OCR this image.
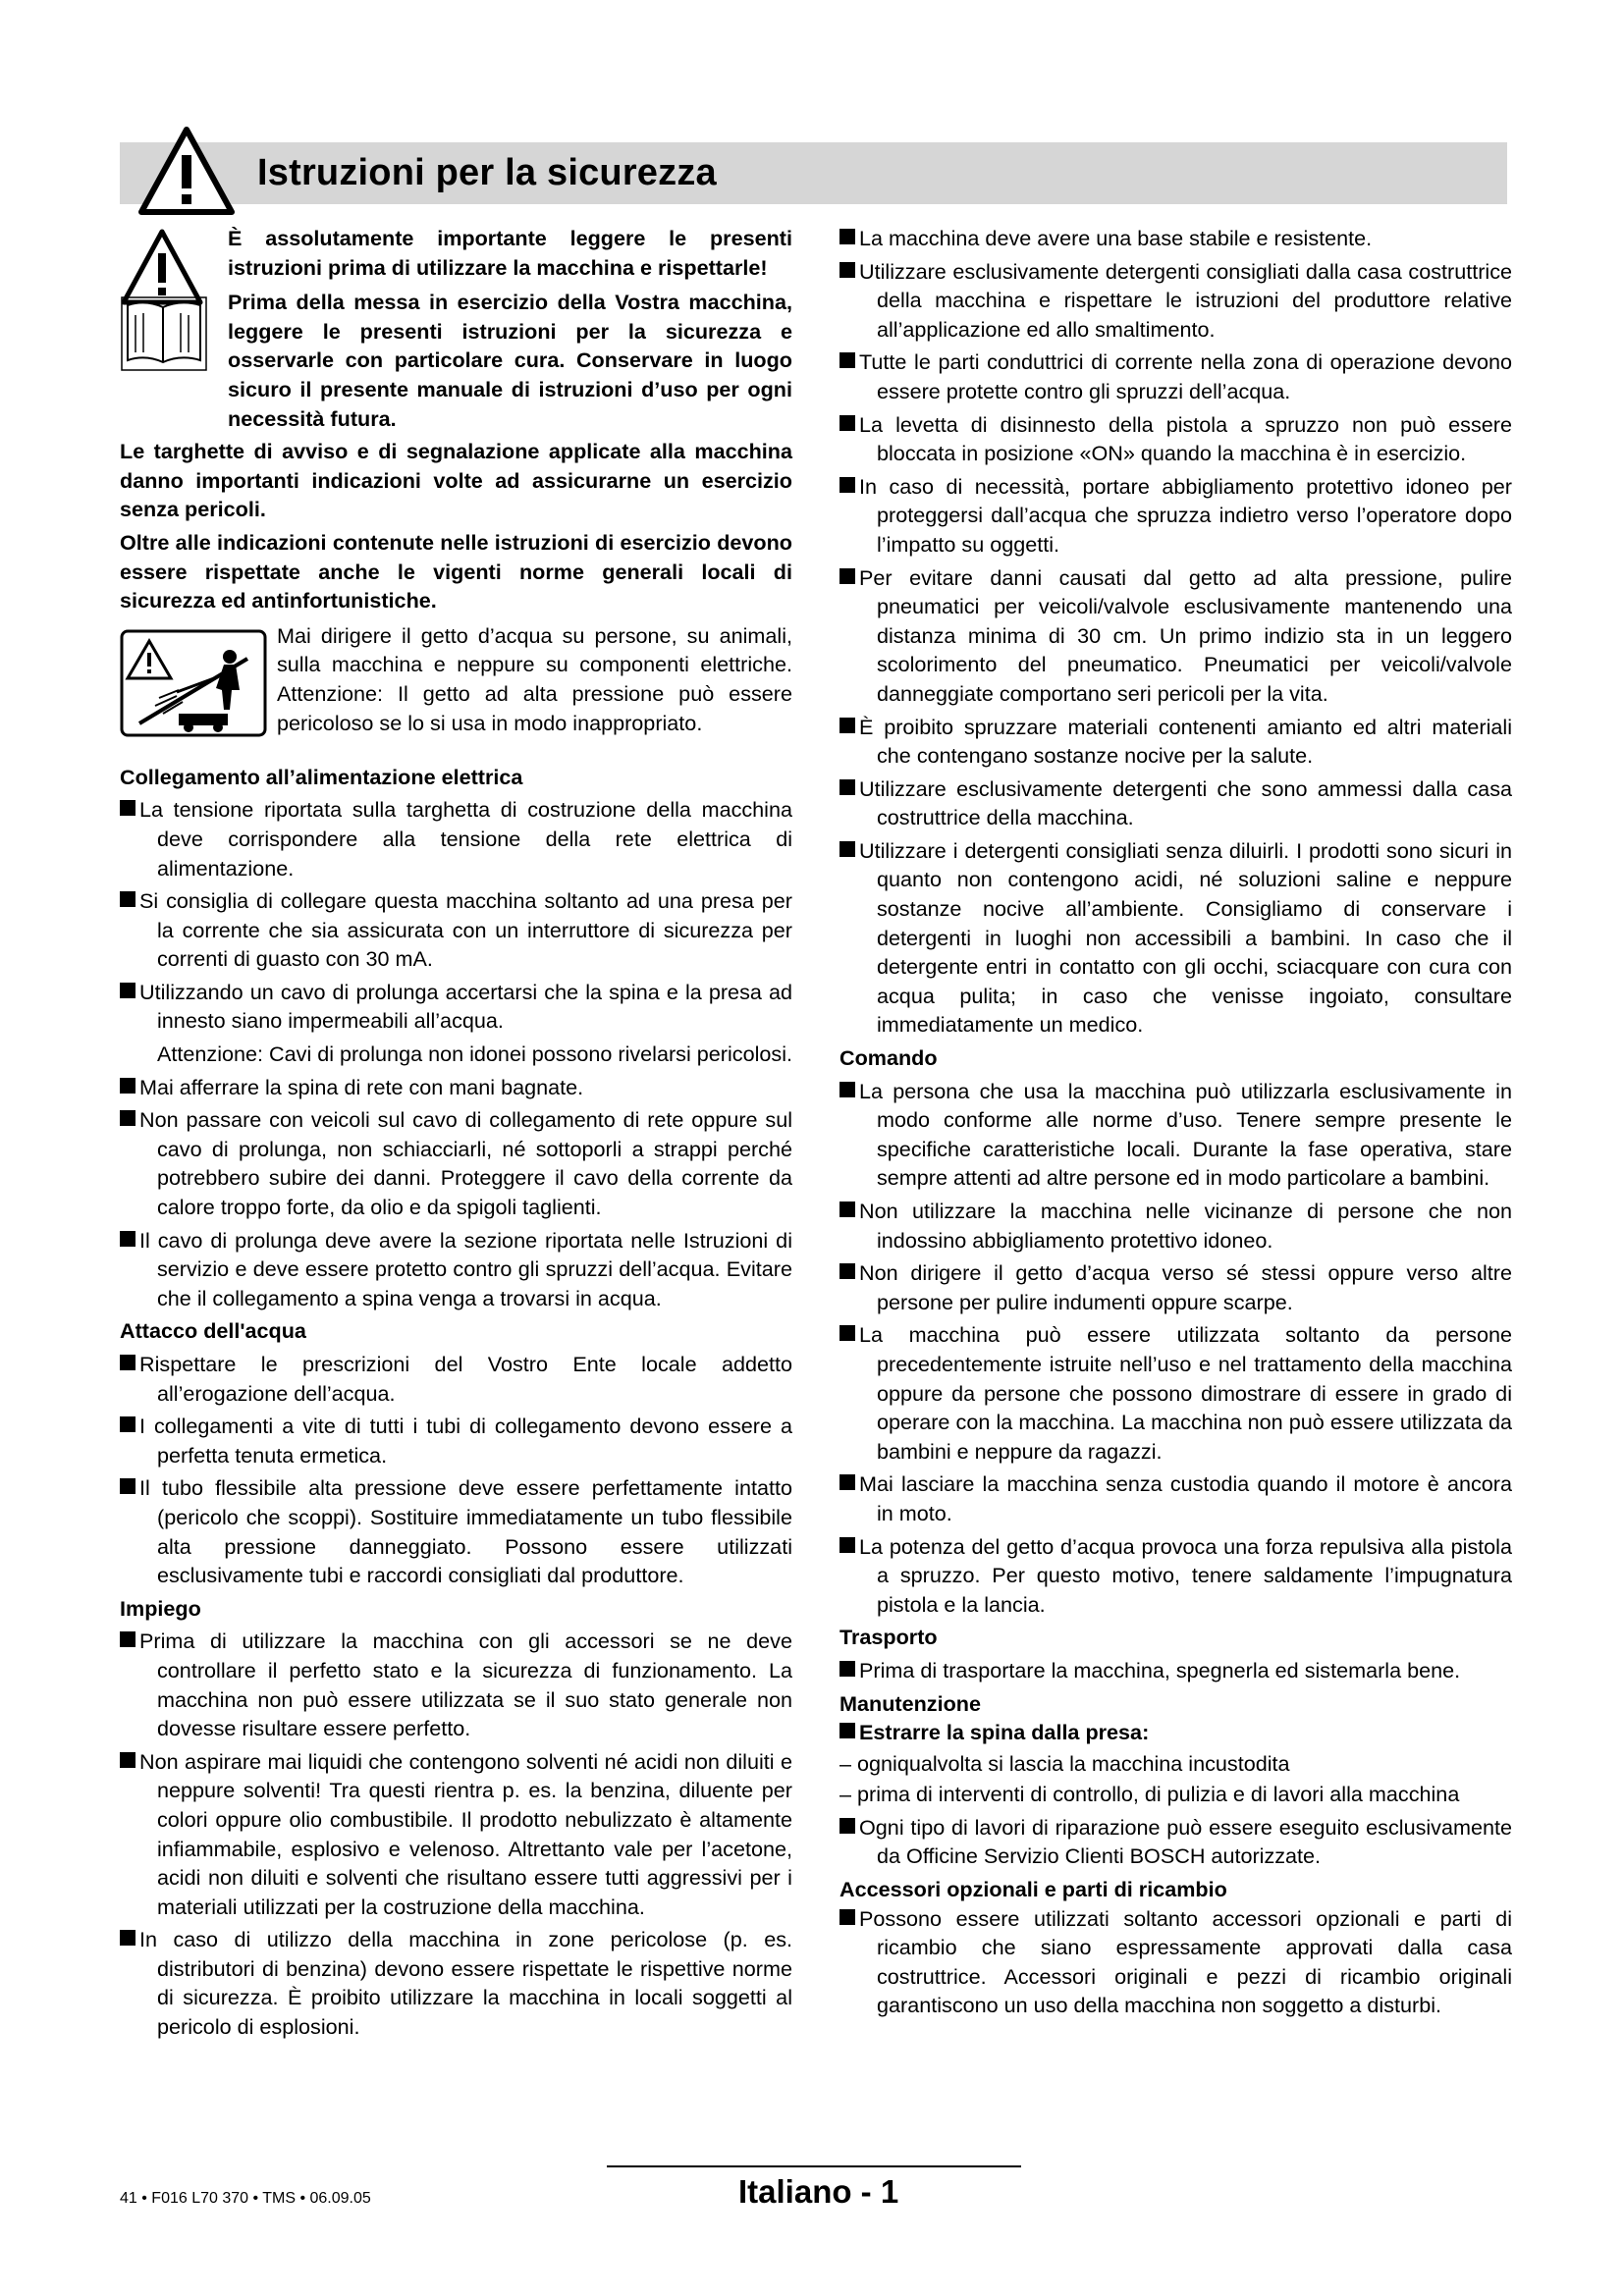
Istruzioni per la sicurezza

È assolutamente importante leggere le presenti istruzioni prima di utilizzare la macchina e rispettarle!

Prima della messa in esercizio della Vostra macchina, leggere le presenti istruzioni per la sicurezza e osservarle con particolare cura. Conservare in luogo sicuro il presente manuale di istruzioni d’uso per ogni necessità futura.

Le targhette di avviso e di segnalazione applicate alla macchina danno importanti indicazioni volte ad assicurarne un esercizio senza pericoli.

Oltre alle indicazioni contenute nelle istruzioni di esercizio devono essere rispettate anche le vigenti norme generali locali di sicurezza ed antinfortunistiche.

Mai dirigere il getto d’acqua su persone, su animali, sulla macchina e neppure su componenti elettriche. Attenzione: Il getto ad alta pressione può essere pericoloso se lo si usa in modo inappropriato.

Collegamento all’alimentazione elettrica

La tensione riportata sulla targhetta di costruzione della macchina deve corrispondere alla tensione della rete elettrica di alimentazione.

Si consiglia di collegare questa macchina soltanto ad una presa per la corrente che sia assicurata con un interruttore di sicurezza per correnti di guasto con 30 mA.

Utilizzando un cavo di prolunga accertarsi che la spina e la presa ad innesto siano impermeabili all’acqua.

Attenzione: Cavi di prolunga non idonei possono rivelarsi pericolosi.

Mai afferrare la spina di rete con mani bagnate.

Non passare con veicoli sul cavo di collegamento di rete oppure sul cavo di prolunga, non schiacciarli, né sottoporli a strappi perché potrebbero subire dei danni. Proteggere il cavo della corrente da calore troppo forte, da olio e da spigoli taglienti.

Il cavo di prolunga deve avere la sezione riportata nelle Istruzioni di servizio e deve essere protetto contro gli spruzzi dell’acqua. Evitare che il collegamento a spina venga a trovarsi in acqua.

Attacco dell'acqua

Rispettare le prescrizioni del Vostro Ente locale addetto all’erogazione dell’acqua.

I collegamenti a vite di tutti i tubi di collegamento devono essere a perfetta tenuta ermetica.

Il tubo flessibile alta pressione deve essere perfettamente intatto (pericolo che scoppi). Sostituire immediatamente un tubo flessibile alta pressione danneggiato. Possono essere utilizzati esclusivamente tubi e raccordi consigliati dal produttore.

Impiego

Prima di utilizzare la macchina con gli accessori se ne deve controllare il perfetto stato e la sicurezza di funzionamento. La macchina non può essere utilizzata se il suo stato generale non dovesse risultare essere perfetto.

Non aspirare mai liquidi che contengono solventi né acidi non diluiti e neppure solventi! Tra questi rientra p. es. la benzina, diluente per colori oppure olio combustibile. Il prodotto nebulizzato è altamente infiammabile, esplosivo e velenoso. Altrettanto vale per l’acetone, acidi non diluiti e solventi che risultano essere tutti aggressivi per i materiali utilizzati per la costruzione della macchina.

In caso di utilizzo della macchina in zone pericolose (p. es. distributori di benzina) devono essere rispettate le rispettive norme di sicurezza. È proibito utilizzare la macchina in locali soggetti al pericolo di esplosioni.

La macchina deve avere una base stabile e resistente.

Utilizzare esclusivamente detergenti consigliati dalla casa costruttrice della macchina e rispettare le istruzioni del produttore relative all’applicazione ed allo smaltimento.

Tutte le parti conduttrici di corrente nella zona di operazione devono essere protette contro gli spruzzi dell’acqua.

La levetta di disinnesto della pistola a spruzzo non può essere bloccata in posizione «ON» quando la macchina è in esercizio.

In caso di necessità, portare abbigliamento protettivo idoneo per proteggersi dall’acqua che spruzza indietro verso l’operatore dopo l’impatto su oggetti.

Per evitare danni causati dal getto ad alta pressione, pulire pneumatici per veicoli/valvole esclusivamente mantenendo una distanza minima di 30 cm. Un primo indizio sta in un leggero scolorimento del pneumatico. Pneumatici per veicoli/valvole danneggiate comportano seri pericoli per la vita.

È proibito spruzzare materiali contenenti amianto ed altri materiali che contengano sostanze nocive per la salute.

Utilizzare esclusivamente detergenti che sono ammessi dalla casa costruttrice della macchina.

Utilizzare i detergenti consigliati senza diluirli. I prodotti sono sicuri in quanto non contengono acidi, né soluzioni saline e neppure sostanze nocive all’ambiente. Consigliamo di conservare i detergenti in luoghi non accessibili a bambini. In caso che il detergente entri in contatto con gli occhi, sciacquare con cura con acqua pulita; in caso che venisse ingoiato, consultare immediatamente un medico.

Comando

La persona che usa la macchina può utilizzarla esclusivamente in modo conforme alle norme d’uso. Tenere sempre presente le specifiche caratteristiche locali. Durante la fase operativa, stare sempre attenti ad altre persone ed in modo particolare a bambini.

Non utilizzare la macchina nelle vicinanze di persone che non indossino abbigliamento protettivo idoneo.

Non dirigere il getto d’acqua verso sé stessi oppure verso altre persone per pulire indumenti oppure scarpe.

La macchina può essere utilizzata soltanto da persone precedentemente istruite nell’uso e nel trattamento della macchina oppure da persone che possono dimostrare di essere in grado di operare con la macchina. La macchina non può essere utilizzata da bambini e neppure da ragazzi.

Mai lasciare la macchina senza custodia quando il motore è ancora in moto.

La potenza del getto d’acqua provoca una forza repulsiva alla pistola a spruzzo. Per questo motivo, tenere saldamente l’impugnatura pistola e la lancia.

Trasporto

Prima di trasportare la macchina, spegnerla ed sistemarla bene.

Manutenzione

Estrarre la spina dalla presa:

– ogniqualvolta si lascia la macchina incustodita

– prima di interventi di controllo, di pulizia e di lavori alla macchina

Ogni tipo di lavori di riparazione può essere eseguito esclusivamente da Officine Servizio Clienti BOSCH autorizzate.

Accessori opzionali e parti di ricambio

Possono essere utilizzati soltanto accessori opzionali e parti di ricambio che siano espressamente approvati dalla casa costruttrice. Accessori originali e pezzi di ricambio originali garantiscono un uso della macchina non soggetto a disturbi.

41 • F016 L70 370 • TMS • 06.09.05	Italiano - 1
